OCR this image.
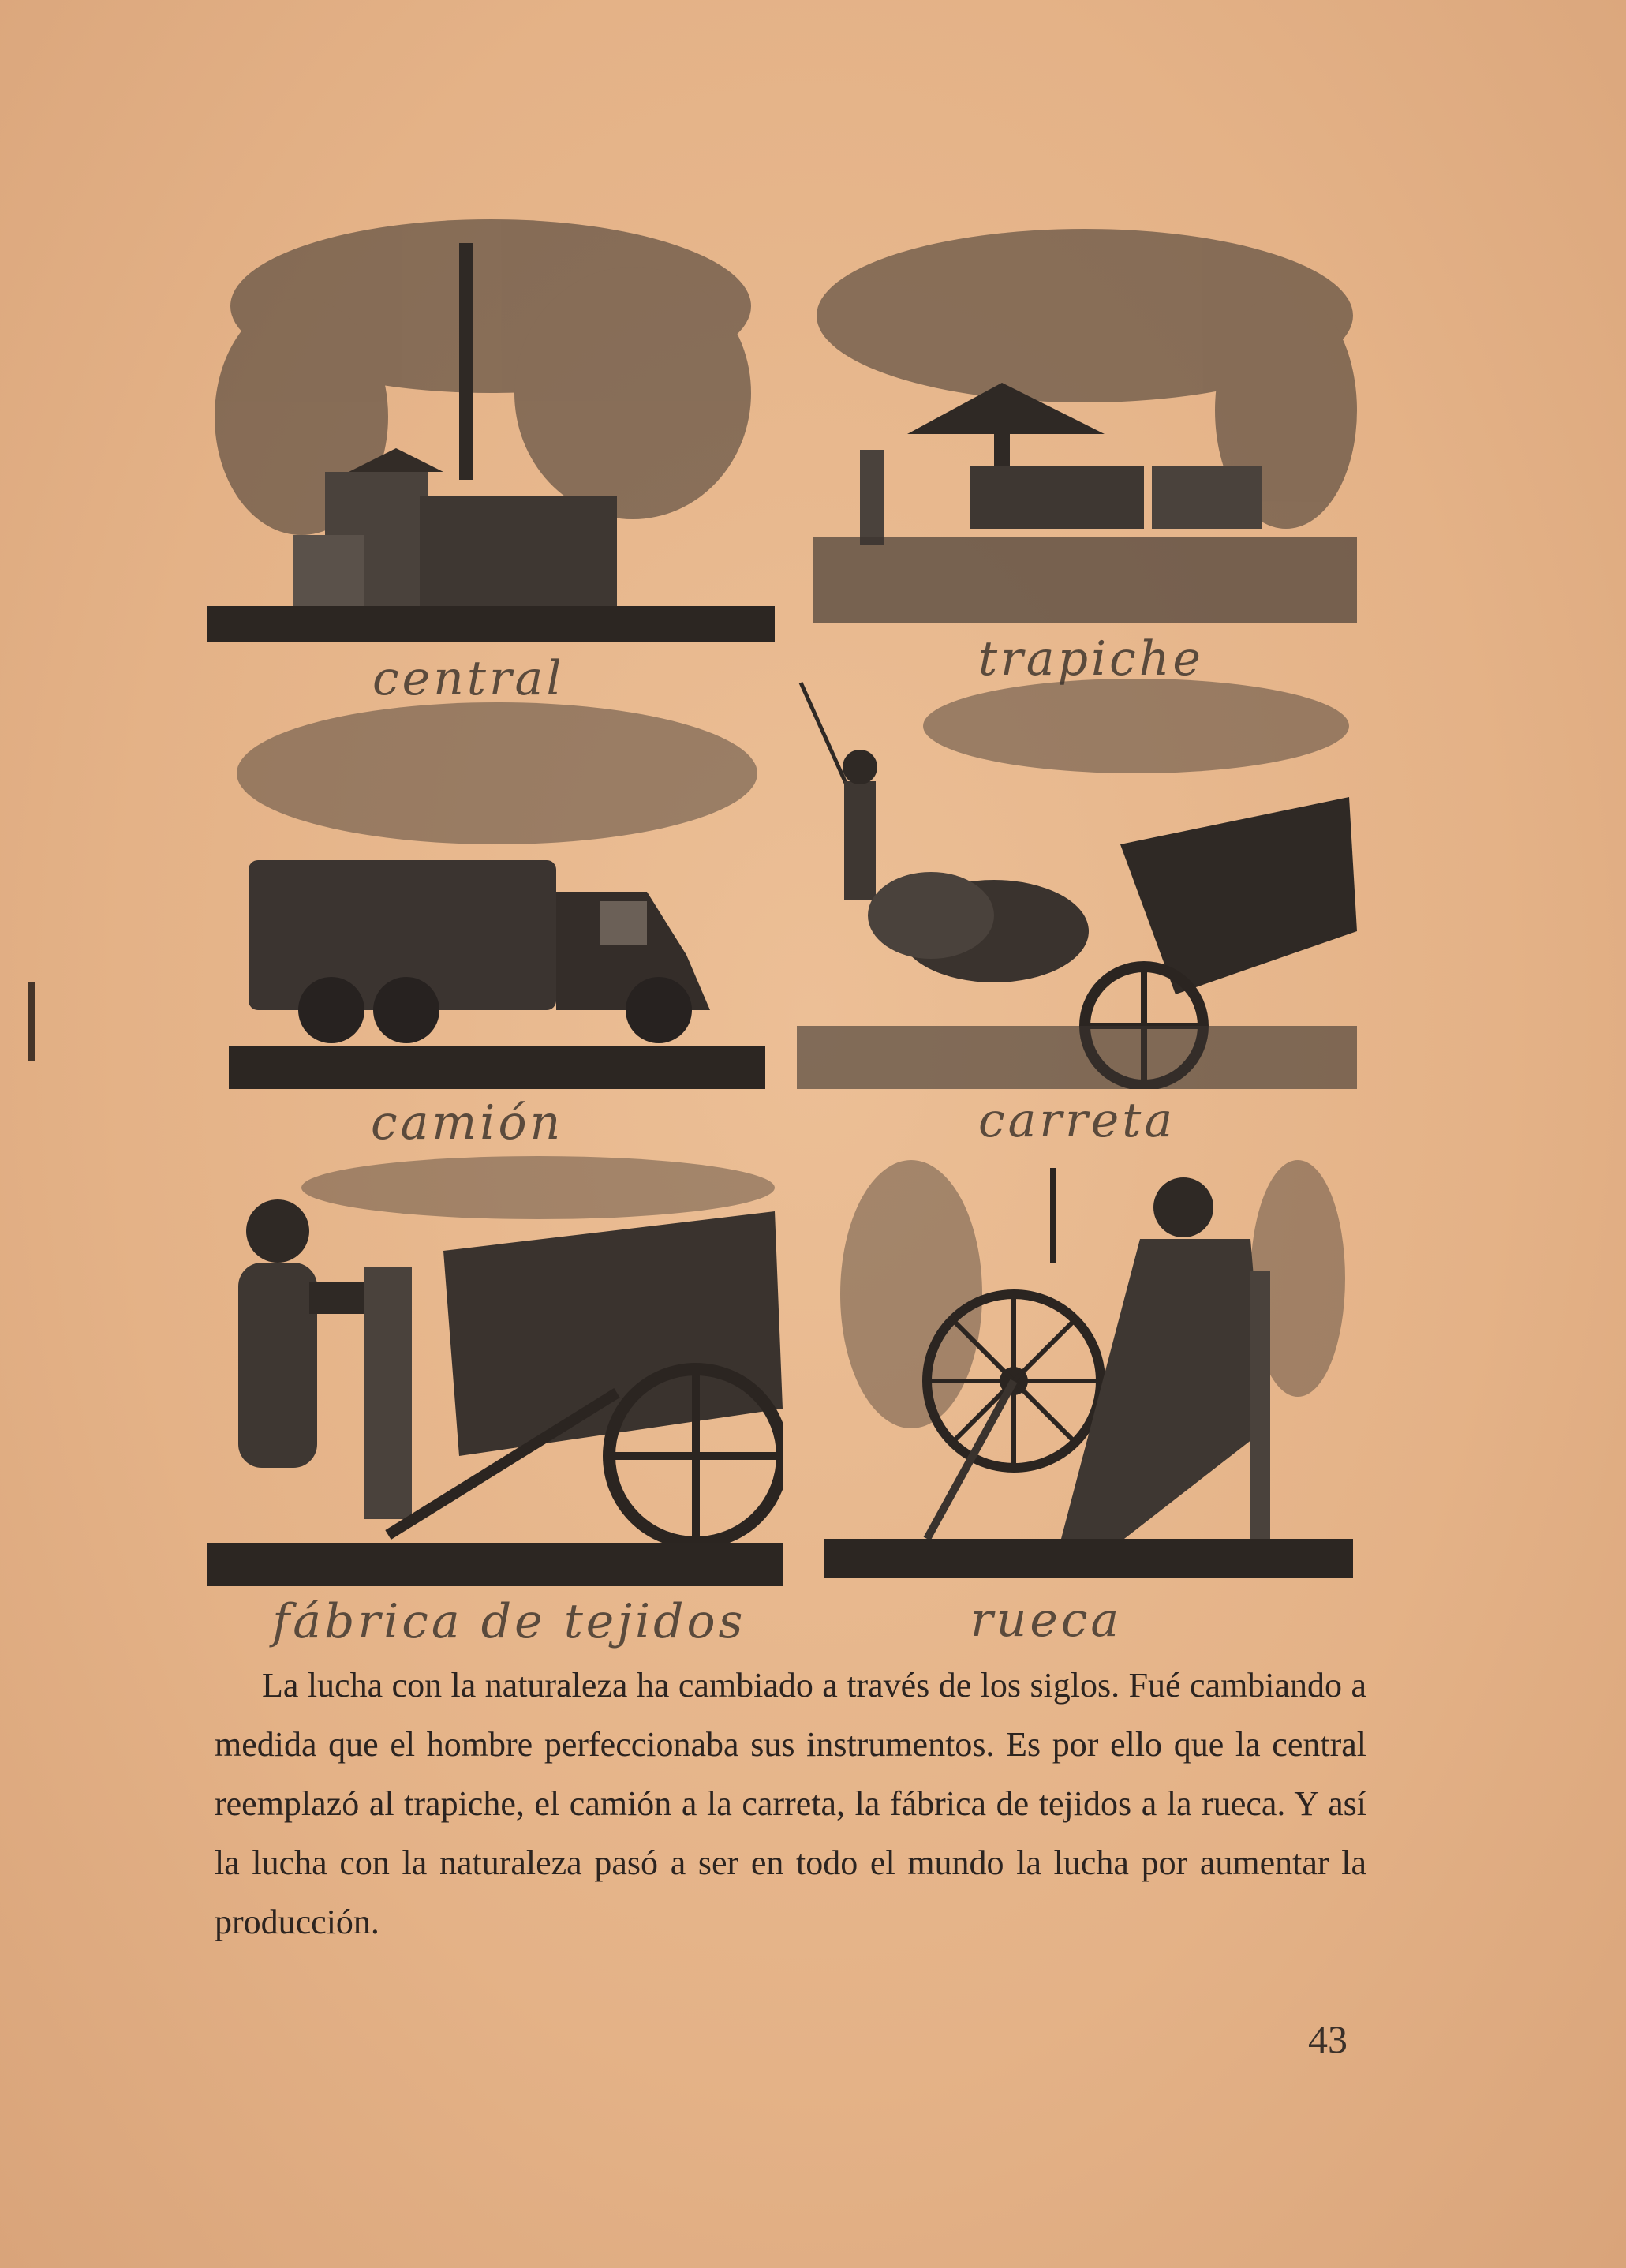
central	trapiche
camión	carreta
fábrica de tejidos	rueca

La lucha con la naturaleza ha cambiado a través de los siglos. Fué cambiando a medida que el hombre perfeccionaba sus instrumentos. Es por ello que la central reemplazó al trapiche, el camión a la carreta, la fábrica de tejidos a la rueca. Y así la lucha con la naturaleza pasó a ser en todo el mundo la lucha por aumentar la producción.

43
